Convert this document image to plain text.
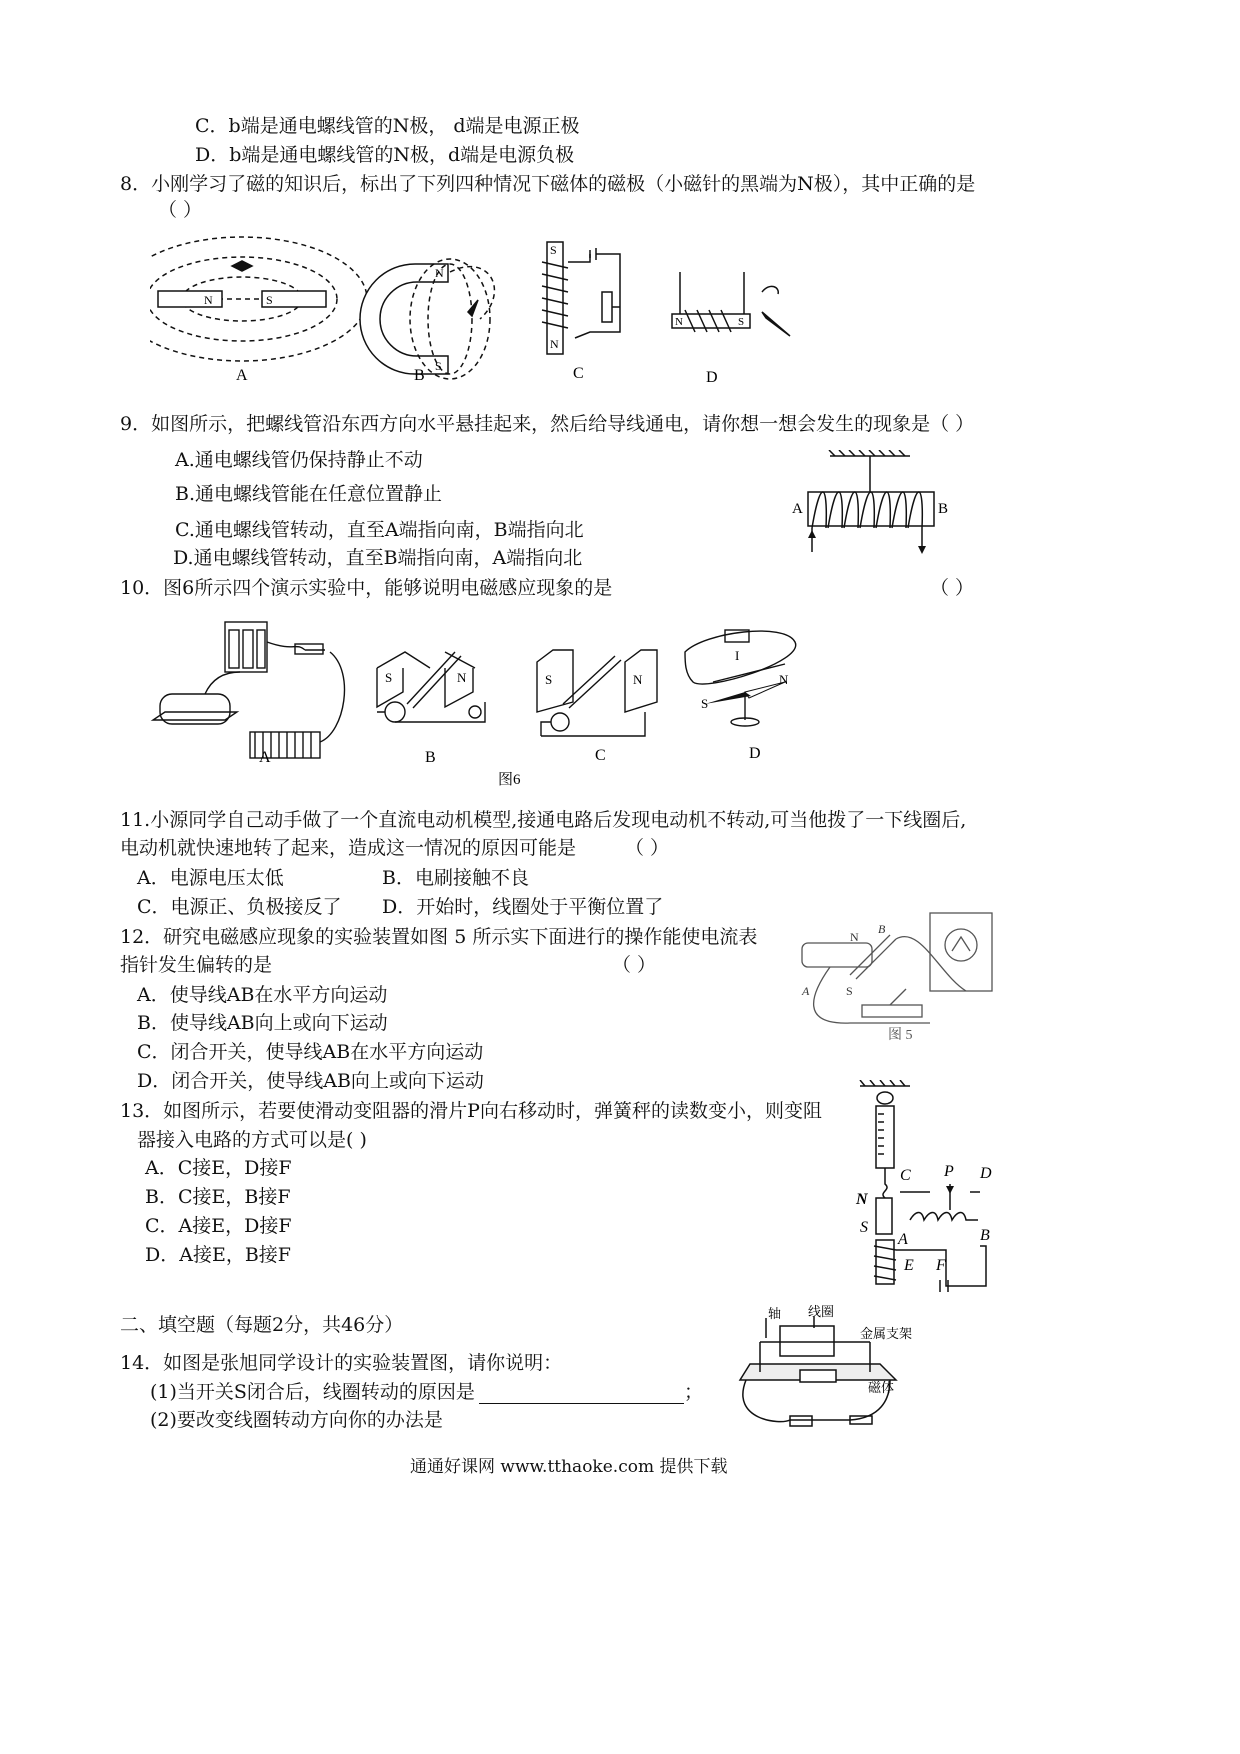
C．b端是通电螺线管的N极， d端是电源正极
D．b端是通电螺线管的N极，d端是电源负极
8．小刚学习了磁的知识后，标出了下列四种情况下磁体的磁极（小磁针的黑端为N极），其中正确的是
（ ）
N	S
A
N
S
B
S
N
C
N	S
D
9．如图所示，把螺线管沿东西方向水平悬挂起来，然后给导线通电，请你想一想会发生的现象是（ ）
A.通电螺线管仍保持静止不动
B.通电螺线管能在任意位置静止
C.通电螺线管转动，直至A端指向南，B端指向北
D.通电螺线管转动，直至B端指向南，A端指向北
A	B
10．图6所示四个演示实验中，能够说明电磁感应现象的是	（ ）
S	N	S	N
I
S
N
A	B	C	D
图6
11.小源同学自己动手做了一个直流电动机模型,接通电路后发现电动机不转动,可当他拨了一下线圈后,
电动机就快速地转了起来，造成这一情况的原因可能是	（ ）
A．电源电压太低	B．电刷接触不良
C．电源正、负极接反了 D．开始时，线圈处于平衡位置了
12．研究电磁感应现象的实验装置如图 5 所示实下面进行的操作能使电流表
指针发生偏转的是	（ ）
A．使导线AB在水平方向运动
B．使导线AB向上或向下运动
C．闭合开关，使导线AB在水平方向运动
D．闭合开关，使导线AB向上或向下运动
N
S
A
B
图 5
13．如图所示，若要使滑动变阻器的滑片P向右移动时，弹簧秤的读数变小，则变阻
器接入电路的方式可以是( )
A．C接E，D接F
B．C接E，B接F
C．A接E，D接F
D．A接E，B接F
C P D
N
S
A	B
E F
二、填空题（每题2分，共46分）
14．如图是张旭同学设计的实验装置图，请你说明：
(1)当开关S闭合后，线圈转动的原因是	；
(2)要改变线圈转动方向你的办法是
轴 线圈
金属支架
磁体
通通好课网 www.tthaoke.com 提供下载
